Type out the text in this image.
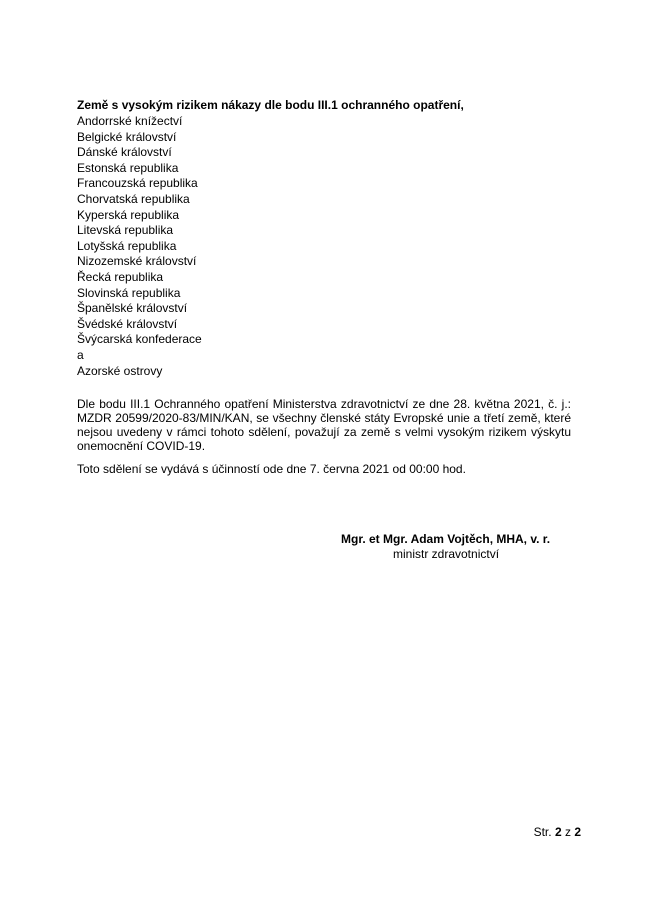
Země s vysokým rizikem nákazy dle bodu III.1 ochranného opatření,
Andorrské knížectví
Belgické království
Dánské království
Estonská republika
Francouzská republika
Chorvatská republika
Kyperská republika
Litevská republika
Lotyšská republika
Nizozemské království
Řecká republika
Slovinská republika
Španělské království
Švédské království
Švýcarská konfederace
a
Azorské ostrovy
Dle bodu III.1 Ochranného opatření Ministerstva zdravotnictví ze dne 28. května 2021, č. j.: MZDR 20599/2020-83/MIN/KAN, se všechny členské státy Evropské unie a třetí země, které nejsou uvedeny v rámci tohoto sdělení, považují za země s velmi vysokým rizikem výskytu onemocnění COVID-19.
Toto sdělení se vydává s účinností ode dne 7. června 2021 od 00:00 hod.
Mgr. et Mgr. Adam Vojtěch, MHA, v. r.
ministr zdravotnictví
Str. 2 z 2
